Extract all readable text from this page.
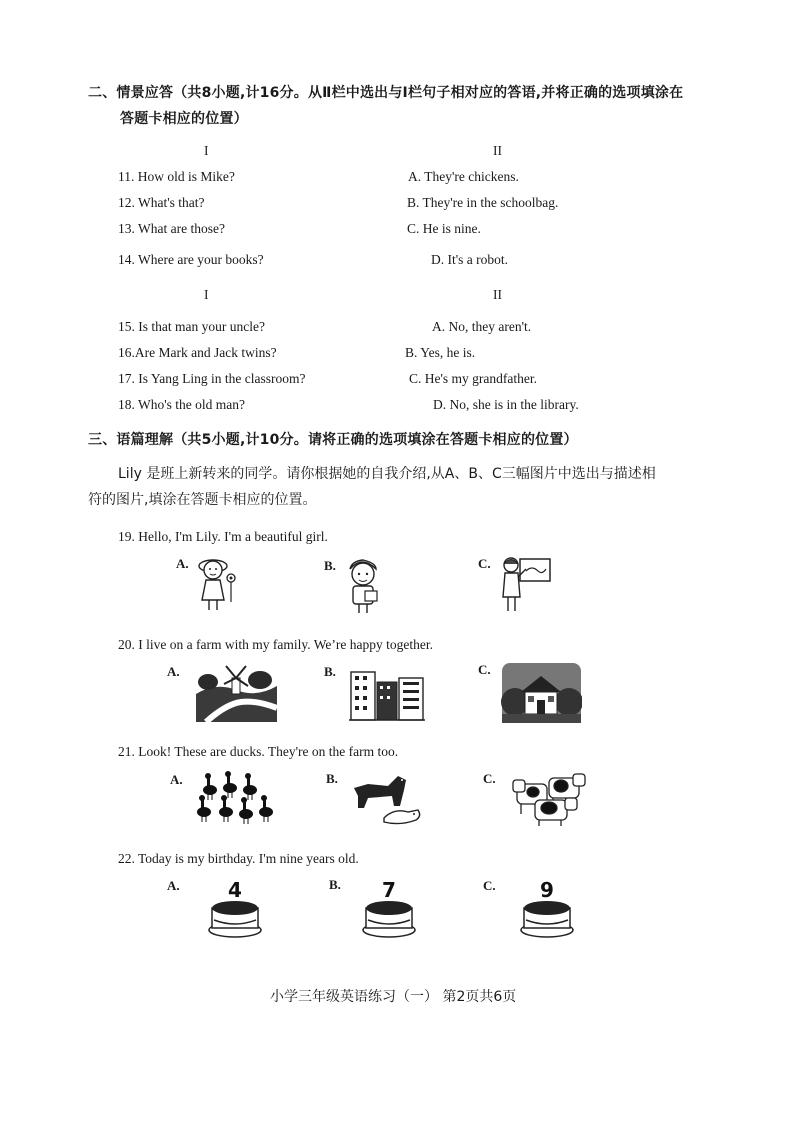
二、情景应答（共8小题,计16分。从Ⅱ栏中选出与Ⅰ栏句子相对应的答语,并将正确的选项填涂在
答题卡相应的位置）
I	II
11. How old is Mike?	A. They're chickens.
12. What's that?	B. They're in the schoolbag.
13. What are those?	C. He is nine.
14. Where are your books?	D. It's a robot.
I	II
15. Is that man your uncle?	A. No, they aren't.
16.Are Mark and Jack twins?	B. Yes, he is.
17. Is Yang Ling in the classroom?	C. He's my grandfather.
18. Who's the old man?	D. No, she is in the library.
三、语篇理解（共5小题,计10分。请将正确的选项填涂在答题卡相应的位置）
Lily 是班上新转来的同学。请你根据她的自我介绍,从A、B、C三幅图片中选出与描述相
符的图片,填涂在答题卡相应的位置。
19. Hello, I'm Lily. I'm a beautiful girl.
A.	B.	C.
20. I live on a farm with my family. We’re happy together.
A.	B.	C.
21. Look! These are ducks. They're on the farm too.
A.	B.	C.
22. Today is my birthday. I'm nine years old.
A.	B.	C.
4	7	9
小学三年级英语练习（一） 第2页共6页
